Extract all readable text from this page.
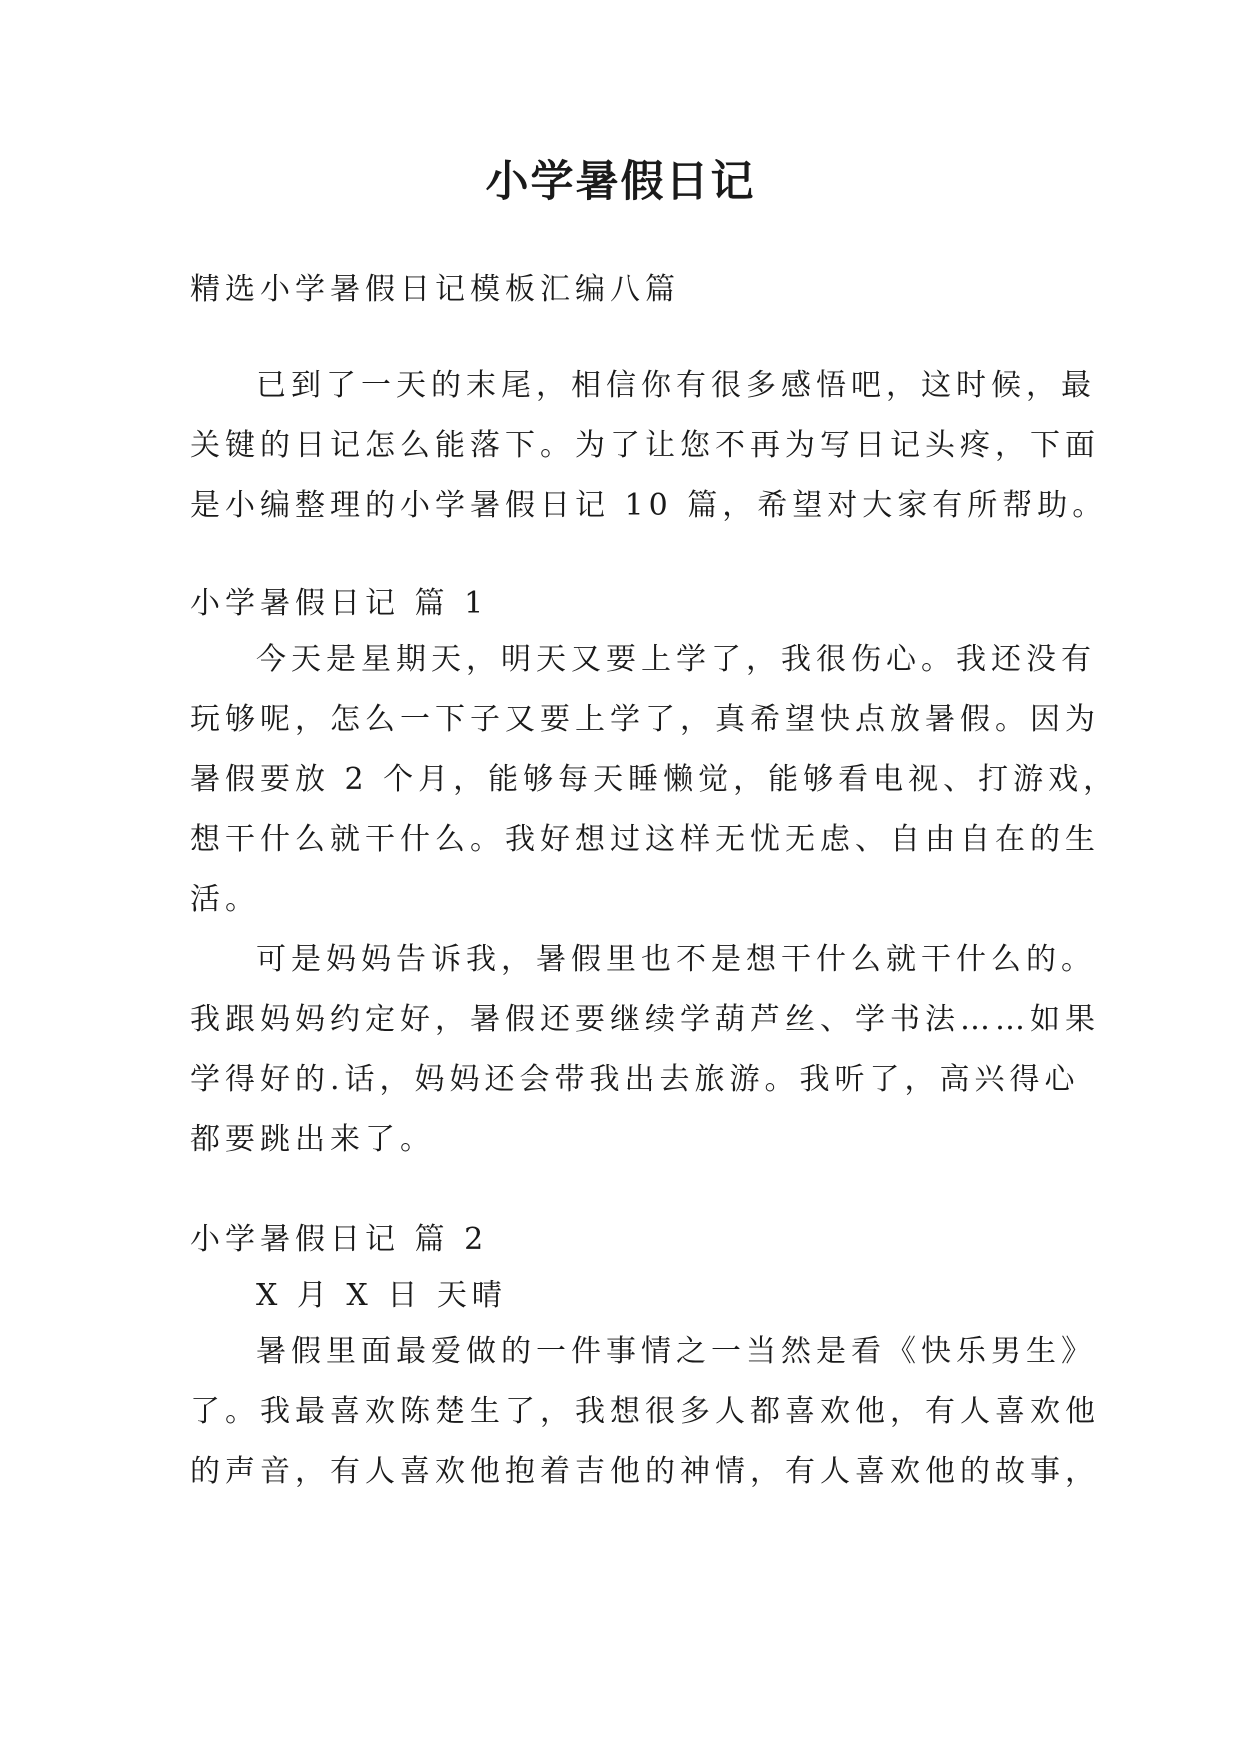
小学暑假日记
精选小学暑假日记模板汇编八篇
已到了一天的末尾，相信你有很多感悟吧，这时候，最
关键的日记怎么能落下。为了让您不再为写日记头疼，下面
是小编整理的小学暑假日记 10 篇，希望对大家有所帮助。
小学暑假日记 篇 1
今天是星期天，明天又要上学了，我很伤心。我还没有
玩够呢，怎么一下子又要上学了，真希望快点放暑假。因为
暑假要放 2 个月，能够每天睡懒觉，能够看电视、打游戏，
想干什么就干什么。我好想过这样无忧无虑、自由自在的生
活。
可是妈妈告诉我，暑假里也不是想干什么就干什么的。
我跟妈妈约定好，暑假还要继续学葫芦丝、学书法……如果
学得好的.话，妈妈还会带我出去旅游。我听了，高兴得心
都要跳出来了。
小学暑假日记 篇 2
X 月 X 日 天晴
暑假里面最爱做的一件事情之一当然是看《快乐男生》
了。我最喜欢陈楚生了，我想很多人都喜欢他，有人喜欢他
的声音，有人喜欢他抱着吉他的神情，有人喜欢他的故事，
